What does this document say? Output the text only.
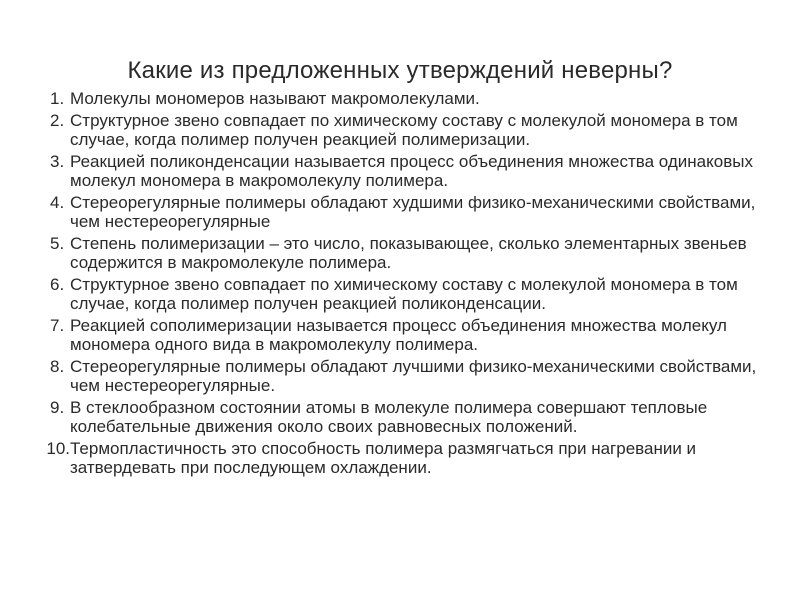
Какие из предложенных утверждений неверны?
1. Молекулы мономеров называют макромолекулами.
2. Структурное звено совпадает по химическому составу с молекулой мономера в том случае, когда полимер получен реакцией полимеризации.
3. Реакцией поликонденсации называется процесс объединения множества одинаковых молекул мономера в макромолекулу полимера.
4. Стереорегулярные полимеры обладают худшими физико-механическими свойствами, чем нестереорегулярные
5. Степень полимеризации – это число, показывающее, сколько элементарных звеньев содержится в макромолекуле полимера.
6. Структурное звено совпадает по химическому составу с молекулой мономера в том случае, когда полимер получен реакцией поликонденсации.
7. Реакцией сополимеризации называется процесс объединения множества молекул мономера одного вида в макромолекулу полимера.
8. Стереорегулярные полимеры обладают лучшими физико-механическими свойствами, чем нестереорегулярные.
9. В стеклообразном состоянии атомы в молекуле полимера совершают тепловые колебательные движения около своих равновесных положений.
10. Термопластичность это способность полимера размягчаться при нагревании и затвердевать при последующем охлаждении.
